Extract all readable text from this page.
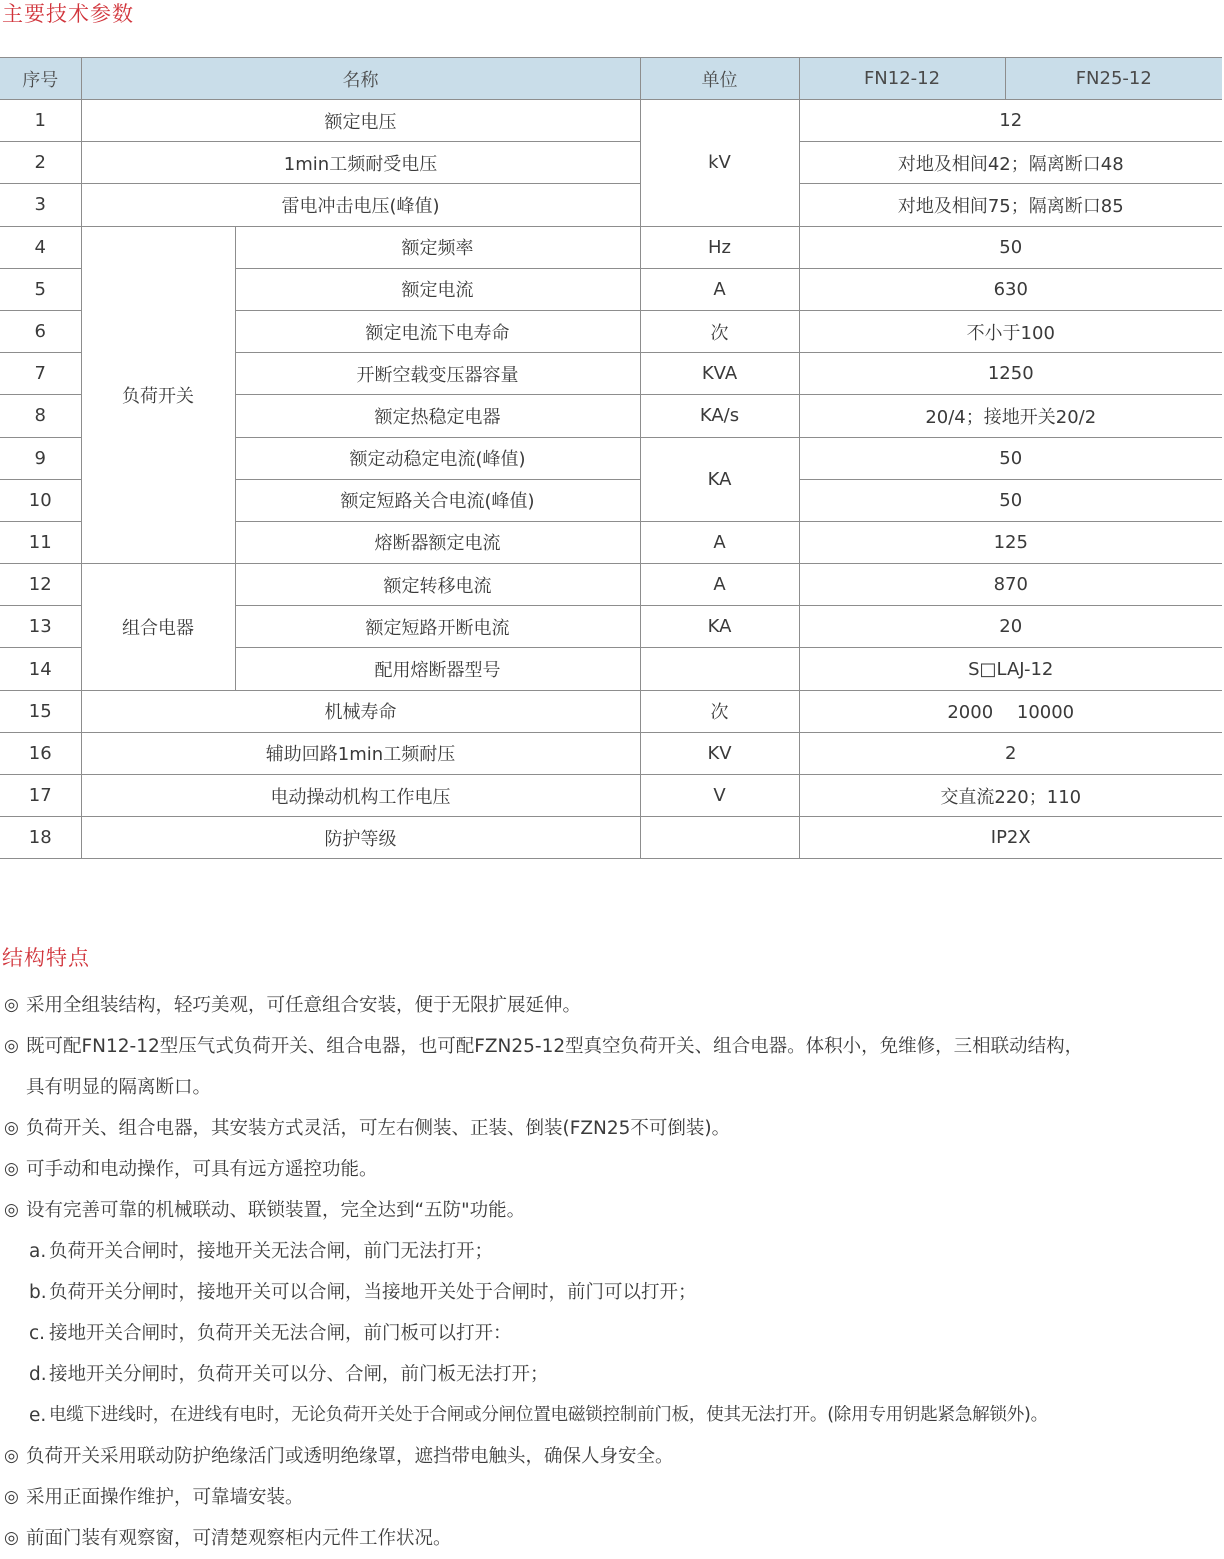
主要技术参数
序号	名称		单位	FN12-12	FN25-12
1	额定电压		kV	12	
2	1min工频耐受电压			对地及相间42；隔离断口48	
3	雷电冲击电压(峰值)			对地及相间75；隔离断口85	
4	负荷开关	额定频率	Hz	50	
5		额定电流	A	630	
6		额定电流下电寿命	次	不小于100	
7		开断空载变压器容量	KVA	1250	
8		额定热稳定电器	KA/s	20/4；接地开关20/2	
9		额定动稳定电流(峰值)	KA	50	
10		额定短路关合电流(峰值)		50	
11		熔断器额定电流	A	125	
12	组合电器	额定转移电流	A	870	
13		额定短路开断电流	KA	20	
14		配用熔断器型号		S□LAJ-12	
15	机械寿命		次	2000　 10000	
16	辅助回路1min工频耐压		KV	2	
17	电动操动机构工作电压		V	交直流220；110	
18	防护等级			IP2X	
结构特点
◎ 采用全组装结构，轻巧美观，可任意组合安装，便于无限扩展延伸。
◎ 既可配FN12-12型压气式负荷开关、组合电器，也可配FZN25-12型真空负荷开关、组合电器。体积小，免维修，三相联动结构，
具有明显的隔离断口。
◎ 负荷开关、组合电器，其安装方式灵活，可左右侧装、正装、倒装(FZN25不可倒装)。
◎ 可手动和电动操作，可具有远方遥控功能。
◎ 设有完善可靠的机械联动、联锁装置，完全达到“五防"功能。
a. 负荷开关合闸时，接地开关无法合闸，前门无法打开；
b. 负荷开关分闸时，接地开关可以合闸，当接地开关处于合闸时，前门可以打开；
c. 接地开关合闸时，负荷开关无法合闸，前门板可以打开：
d. 接地开关分闸时，负荷开关可以分、合闸，前门板无法打开；
e. 电缆下进线时，在进线有电时，无论负荷开关处于合闸或分闸位置电磁锁控制前门板，使其无法打开。(除用专用钥匙紧急解锁外)。
◎ 负荷开关采用联动防护绝缘活门或透明绝缘罩，遮挡带电触头，确保人身安全。
◎ 采用正面操作维护，可靠墙安装。
◎ 前面门装有观察窗，可清楚观察柜内元件工作状况。
